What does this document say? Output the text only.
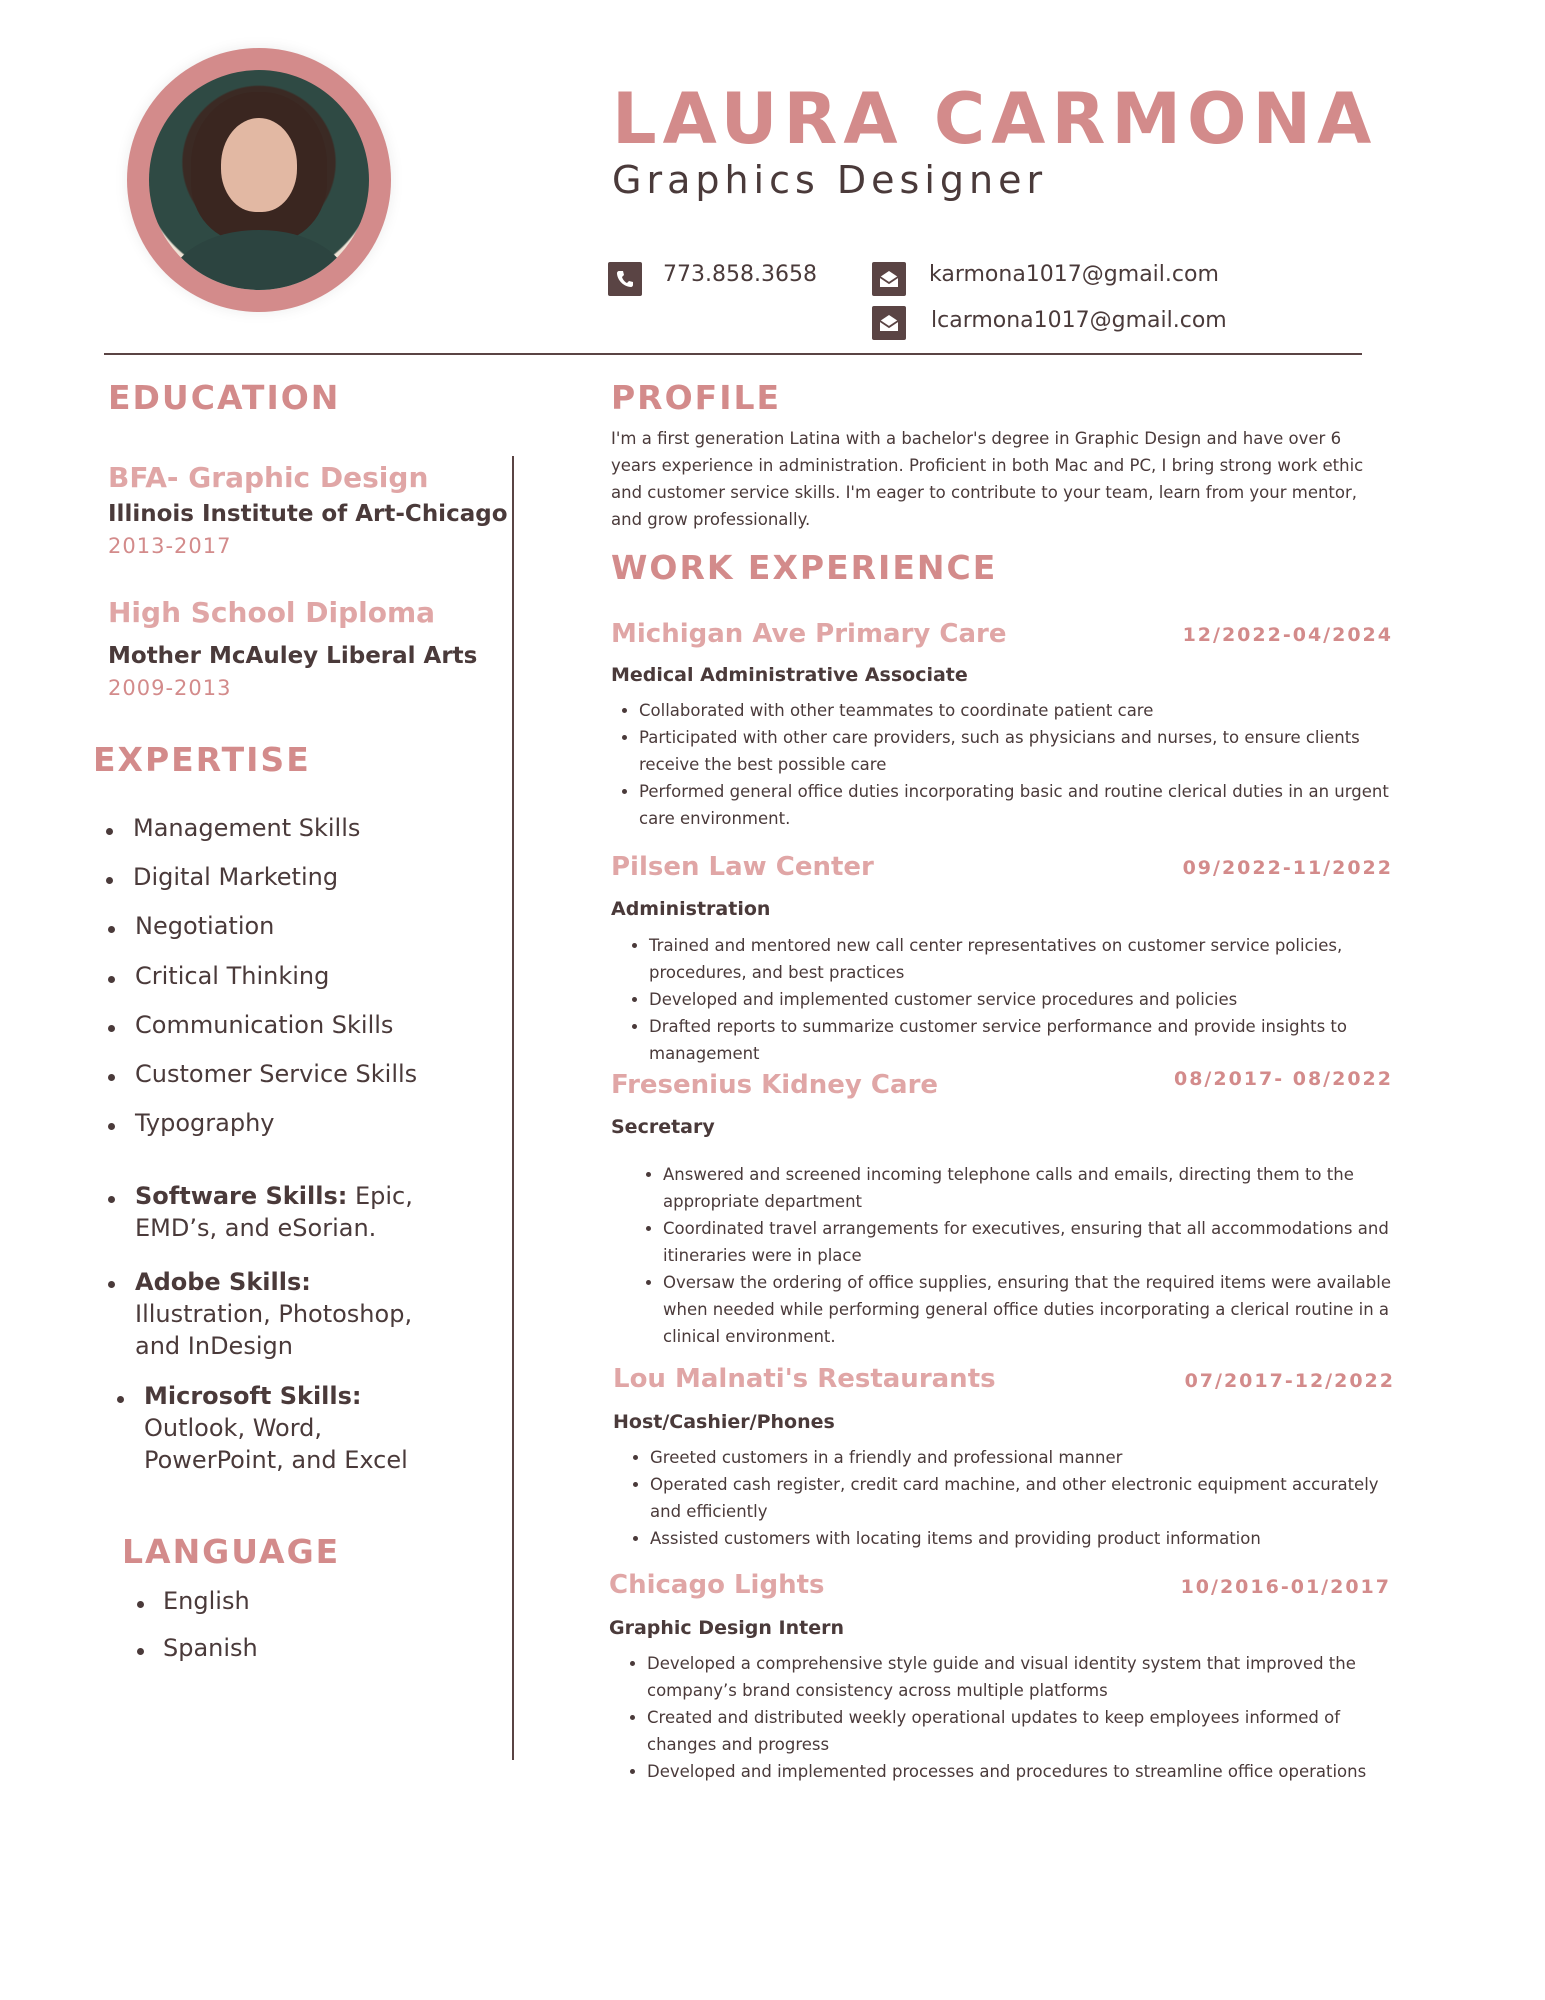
LAURA CARMONA
Graphics Designer
773.858.3658	karmona1017@gmail.com
lcarmona1017@gmail.com
EDUCATION
BFA- Graphic Design
Illinois Institute of Art-Chicago
2013-2017
High School Diploma
Mother McAuley Liberal Arts
2009-2013
EXPERTISE
Management Skills
Digital Marketing
Negotiation
Critical Thinking
Communication Skills
Customer Service Skills
Typography
Software Skills: Epic,
EMD’s, and eSorian.
Adobe Skills:
Illustration, Photoshop,
and InDesign
Microsoft Skills:
Outlook, Word,
PowerPoint, and Excel
LANGUAGE
English
Spanish
PROFILE
I'm a first generation Latina with a bachelor's degree in Graphic Design and have over 6
years experience in administration. Proficient in both Mac and PC, I bring strong work ethic
and customer service skills. I'm eager to contribute to your team, learn from your mentor,
and grow professionally.
WORK EXPERIENCE
Michigan Ave Primary Care	12/2022-04/2024
Medical Administrative Associate
• Collaborated with other teammates to coordinate patient care
• Participated with other care providers, such as physicians and nurses, to ensure clients receive the best possible care
• Performed general office duties incorporating basic and routine clerical duties in an urgent care environment.
Pilsen Law Center	09/2022-11/2022
Administration
• Trained and mentored new call center representatives on customer service policies, procedures, and best practices
• Developed and implemented customer service procedures and policies
• Drafted reports to summarize customer service performance and provide insights to management
Fresenius Kidney Care	08/2017- 08/2022
Secretary
• Answered and screened incoming telephone calls and emails, directing them to the appropriate department
• Coordinated travel arrangements for executives, ensuring that all accommodations and itineraries were in place
• Oversaw the ordering of office supplies, ensuring that the required items were available when needed while performing general office duties incorporating a clerical routine in a clinical environment.
Lou Malnati's Restaurants	07/2017-12/2022
Host/Cashier/Phones
• Greeted customers in a friendly and professional manner
• Operated cash register, credit card machine, and other electronic equipment accurately and efficiently
• Assisted customers with locating items and providing product information
Chicago Lights	10/2016-01/2017
Graphic Design Intern
• Developed a comprehensive style guide and visual identity system that improved the company’s brand consistency across multiple platforms
• Created and distributed weekly operational updates to keep employees informed of changes and progress
• Developed and implemented processes and procedures to streamline office operations
